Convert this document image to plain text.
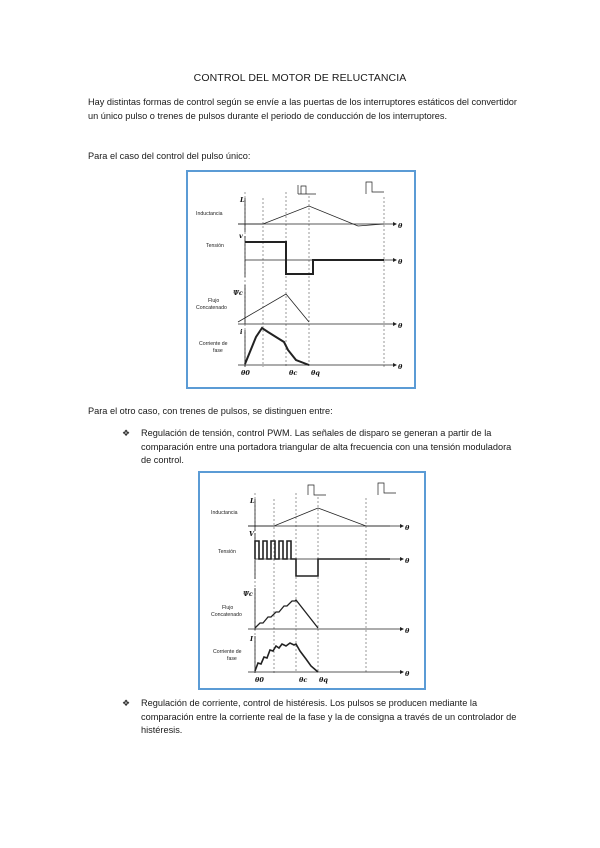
CONTROL DEL MOTOR DE RELUCTANCIA
Hay distintas formas de control según se envíe a las puertas de los interruptores estáticos del convertidor un único pulso o trenes de pulsos durante el periodo de conducción de los interruptores.
Para el caso del control del pulso único:
Inductancia
L
θ
v
Tensión
θ
Ψc
Flujo
Concatenado
θ
i
Corriente de
fase
θ
θ0	θc θq
Para el otro caso, con trenes de pulsos, se distinguen entre:
❖ Regulación de tensión, control PWM. Las señales de disparo se generan a partir de la comparación entre una portadora triangular de alta frecuencia con una tensión moduladora de control.
Inductancia
L
θ
V
Tensión
θ
Ψc
Flujo
Concatenado
θ
I
Corriente de
fase
θ
θ0	θc θq
❖ Regulación de corriente, control de histéresis. Los pulsos se producen mediante la comparación entre la corriente real de la fase y la de consigna a través de un controlador de histéresis.
